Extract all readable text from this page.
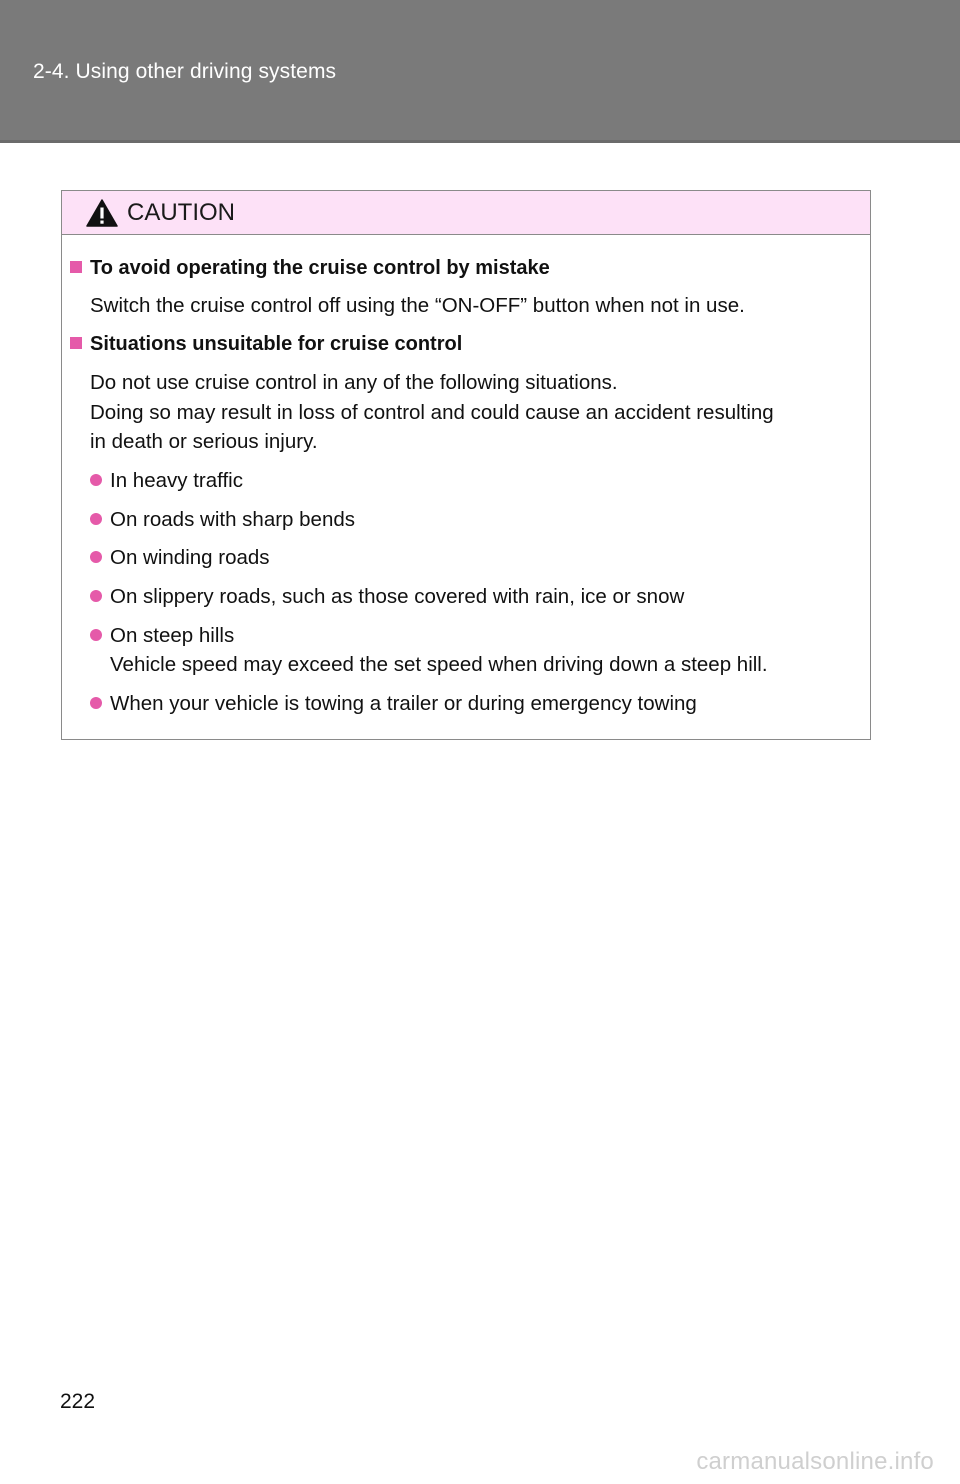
2-4. Using other driving systems
CAUTION
To avoid operating the cruise control by mistake
Switch the cruise control off using the “ON-OFF” button when not in use.
Situations unsuitable for cruise control
Do not use cruise control in any of the following situations.
Doing so may result in loss of control and could cause an accident resulting
in death or serious injury.
In heavy traffic
On roads with sharp bends
On winding roads
On slippery roads, such as those covered with rain, ice or snow
On steep hills
Vehicle speed may exceed the set speed when driving down a steep hill.
When your vehicle is towing a trailer or during emergency towing
222
carmanualsonline.info
